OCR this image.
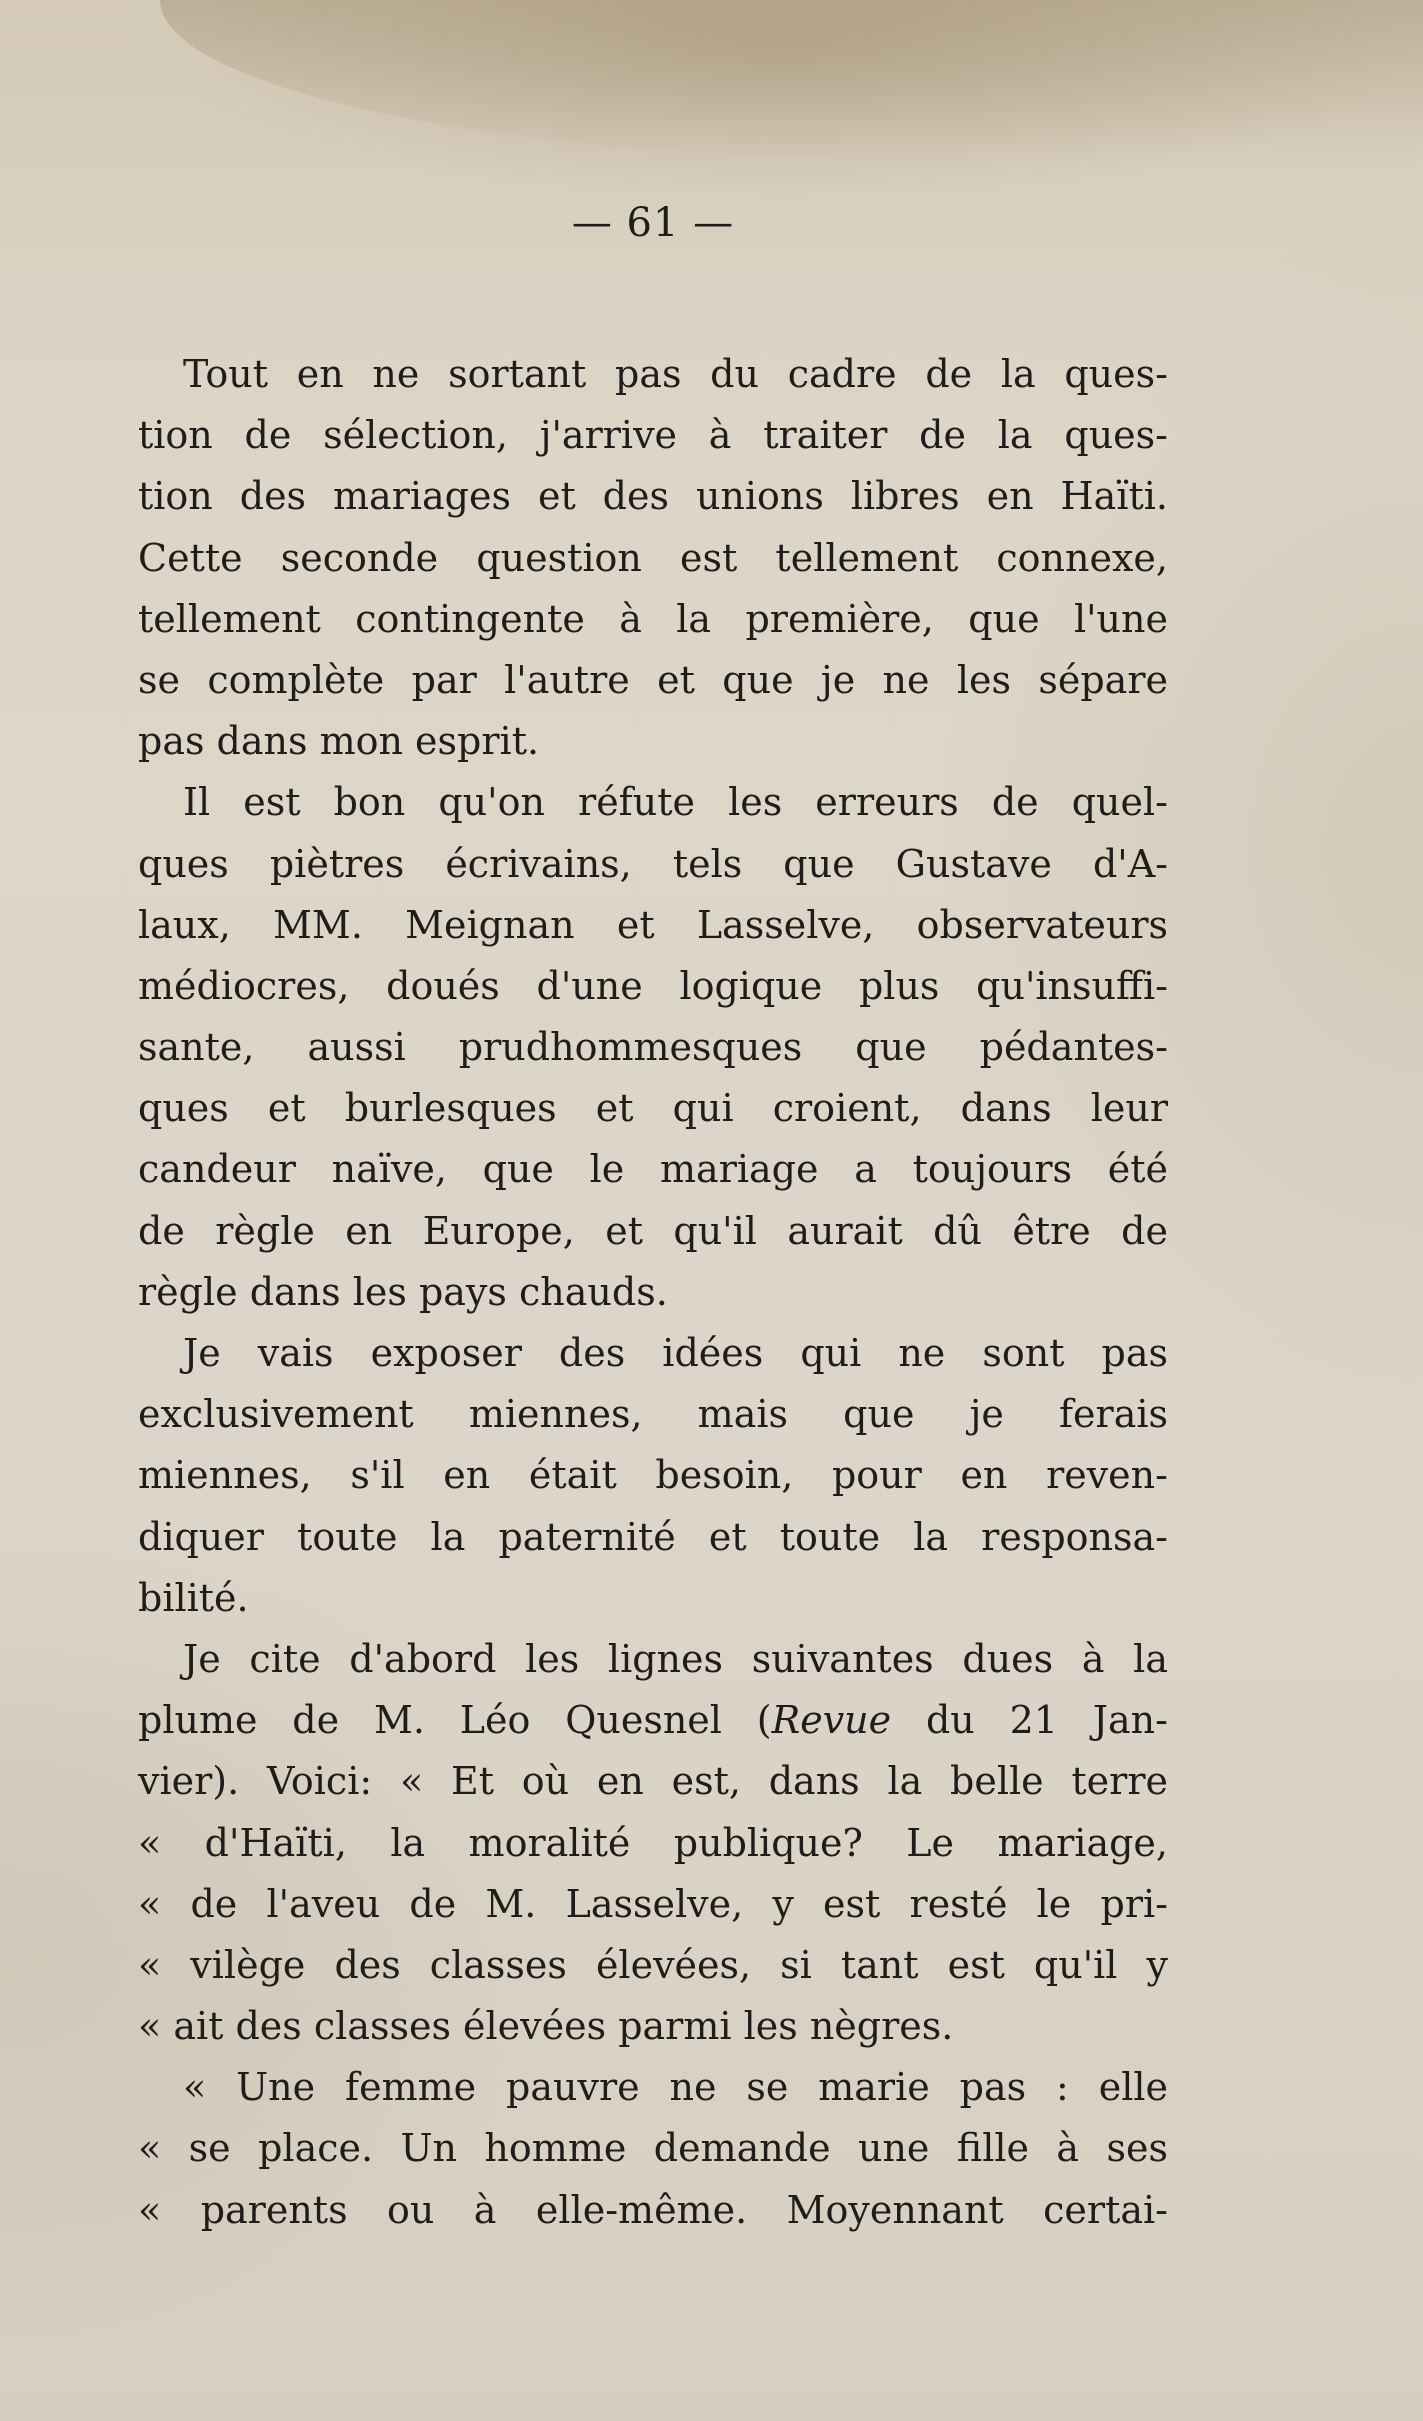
— 61 —
Tout en ne sortant pas du cadre de la ques-
tion de sélection, j'arrive à traiter de la ques-
tion des mariages et des unions libres en Haïti.
Cette seconde question est tellement connexe,
tellement contingente à la première, que l'une
se complète par l'autre et que je ne les sépare
pas dans mon esprit.
Il est bon qu'on réfute les erreurs de quel-
ques piètres écrivains, tels que Gustave d'A-
laux, MM. Meignan et Lasselve, observateurs
médiocres, doués d'une logique plus qu'insuffi-
sante, aussi prudhommesques que pédantes-
ques et burlesques et qui croient, dans leur
candeur naïve, que le mariage a toujours été
de règle en Europe, et qu'il aurait dû être de
règle dans les pays chauds.
Je vais exposer des idées qui ne sont pas
exclusivement miennes, mais que je ferais
miennes, s'il en était besoin, pour en reven-
diquer toute la paternité et toute la responsa-
bilité.
Je cite d'abord les lignes suivantes dues à la
plume de M. Léo Quesnel (Revue du 21 Jan-
vier). Voici: « Et où en est, dans la belle terre
« d'Haïti, la moralité publique? Le mariage,
« de l'aveu de M. Lasselve, y est resté le pri-
« vilège des classes élevées, si tant est qu'il y
« ait des classes élevées parmi les nègres.
« Une femme pauvre ne se marie pas : elle
« se place. Un homme demande une fille à ses
« parents ou à elle-même. Moyennant certai-
